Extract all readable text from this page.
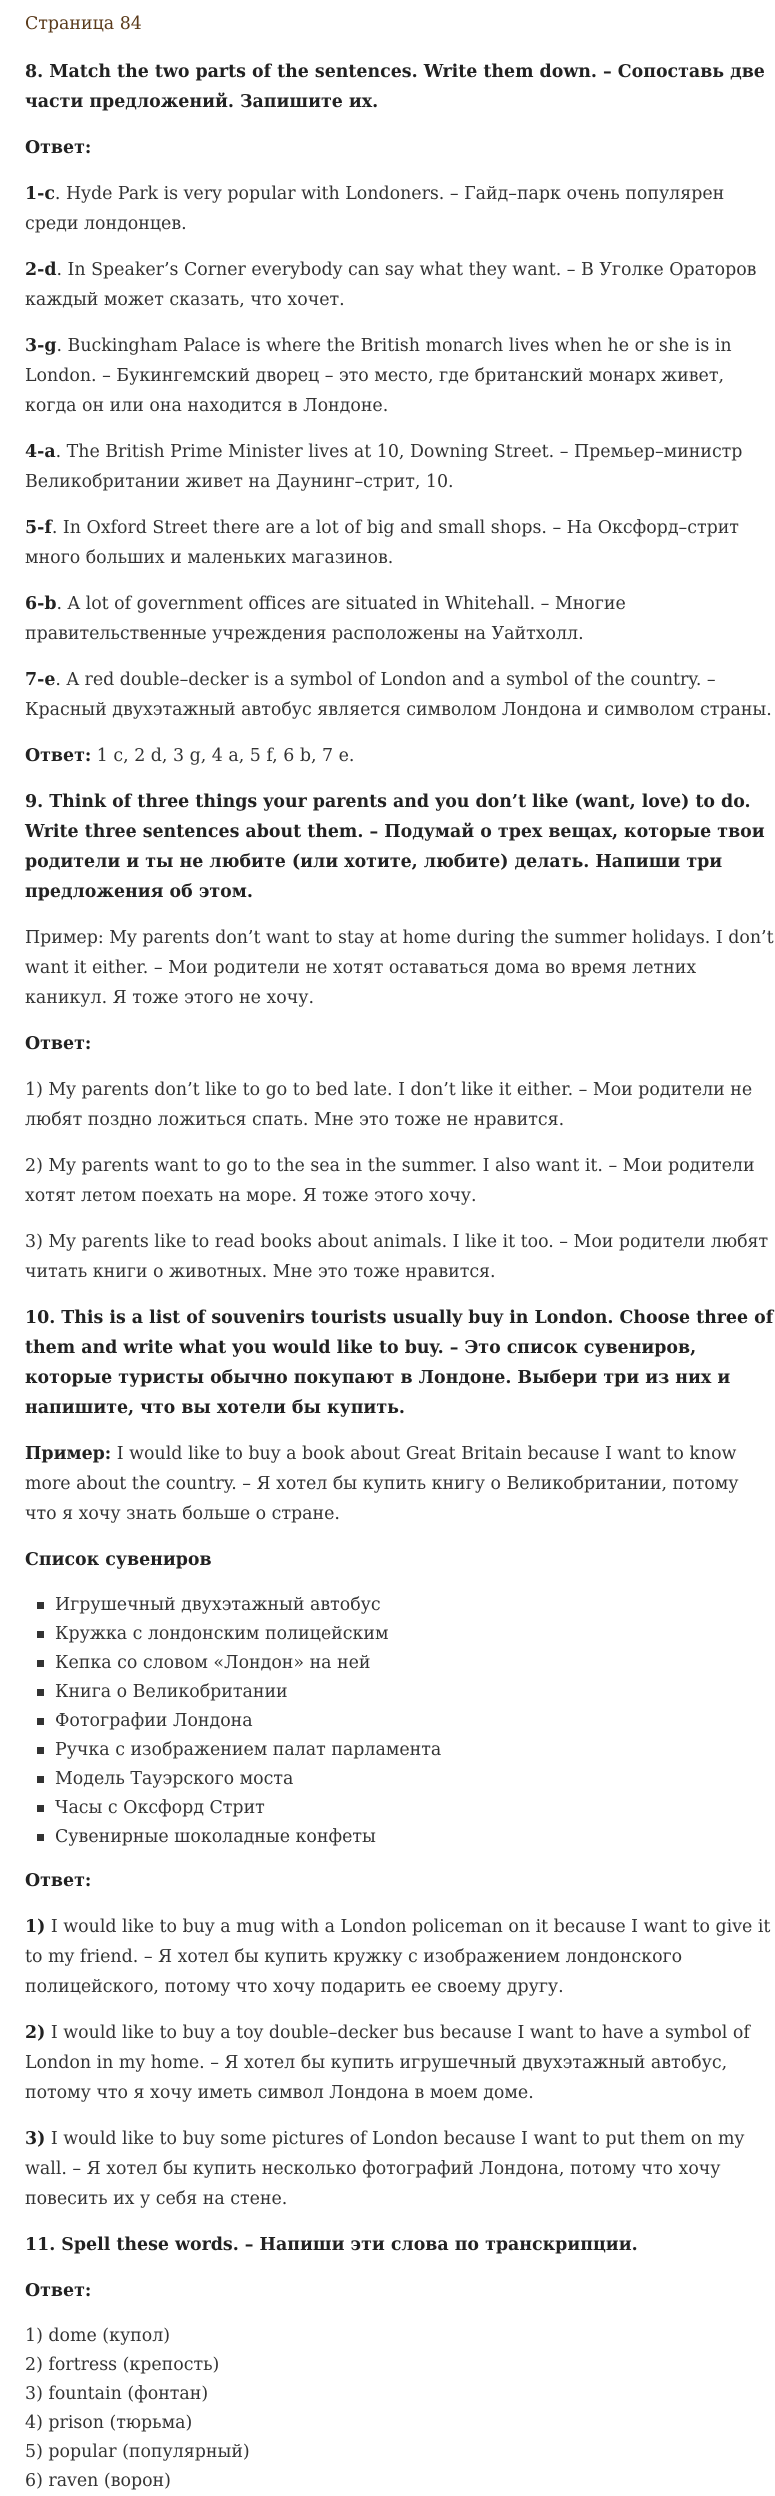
Страница 84

8. Match the two parts of the sentences. Write them down. – Сопоставь две части предложений. Запишите их.

Ответ:

1-c. Hyde Park is very popular with Londoners. – Гайд–парк очень популярен среди лондонцев.

2-d. In Speaker’s Corner everybody can say what they want. – В Уголке Ораторов каждый может сказать, что хочет.

3-g. Buckingham Palace is where the British monarch lives when he or she is in London. – Букингемский дворец – это место, где британский монарх живет, когда он или она находится в Лондоне.

4-a. The British Prime Minister lives at 10, Downing Street. – Премьер–министр Великобритании живет на Даунинг–стрит, 10.

5-f. In Oxford Street there are a lot of big and small shops. – На Оксфорд–стрит много больших и маленьких магазинов.

6-b. A lot of government offices are situated in Whitehall. – Многие правительственные учреждения расположены на Уайтхолл.

7-e. A red double–decker is a symbol of London and a symbol of the country. – Красный двухэтажный автобус является символом Лондона и символом страны.

Ответ: 1 c, 2 d, 3 g, 4 a, 5 f, 6 b, 7 e.

9. Think of three things your parents and you don’t like (want, love) to do. Write three sentences about them. – Подумай о трех вещах, которые твои родители и ты не любите (или хотите, любите) делать. Напиши три предложения об этом.

Пример: My parents don’t want to stay at home during the summer holidays. I don’t want it either. – Мои родители не хотят оставаться дома во время летних каникул. Я тоже этого не хочу.

Ответ:

1) My parents don’t like to go to bed late. I don’t like it either. – Мои родители не любят поздно ложиться спать. Мне это тоже не нравится.

2) My parents want to go to the sea in the summer. I also want it. – Мои родители хотят летом поехать на море. Я тоже этого хочу.

3) My parents like to read books about animals. I like it too. – Мои родители любят читать книги о животных. Мне это тоже нравится.

10. This is a list of souvenirs tourists usually buy in London. Choose three of them and write what you would like to buy. – Это список сувениров, которые туристы обычно покупают в Лондоне. Выбери три из них и напишите, что вы хотели бы купить.

Пример: I would like to buy a book about Great Britain because I want to know more about the country. – Я хотел бы купить книгу о Великобритании, потому что я хочу знать больше о стране.

Список сувениров

Игрушечный двухэтажный автобус
Кружка с лондонским полицейским
Кепка со словом «Лондон» на ней
Книга о Великобритании
Фотографии Лондона
Ручка с изображением палат парламента
Модель Тауэрского моста
Часы с Оксфорд Стрит
Сувенирные шоколадные конфеты

Ответ:

1) I would like to buy a mug with a London policeman on it because I want to give it to my friend. – Я хотел бы купить кружку с изображением лондонского полицейского, потому что хочу подарить ее своему другу.

2) I would like to buy a toy double–decker bus because I want to have a symbol of London in my home. – Я хотел бы купить игрушечный двухэтажный автобус, потому что я хочу иметь символ Лондона в моем доме.

3) I would like to buy some pictures of London because I want to put them on my wall. – Я хотел бы купить несколько фотографий Лондона, потому что хочу повесить их у себя на стене.

11. Spell these words. – Напиши эти слова по транскрипции.

Ответ:

1) dome (купол)

2) fortress (крепость)

3) fountain (фонтан)

4) prison (тюрьма)

5) popular (популярный)

6) raven (ворон)
